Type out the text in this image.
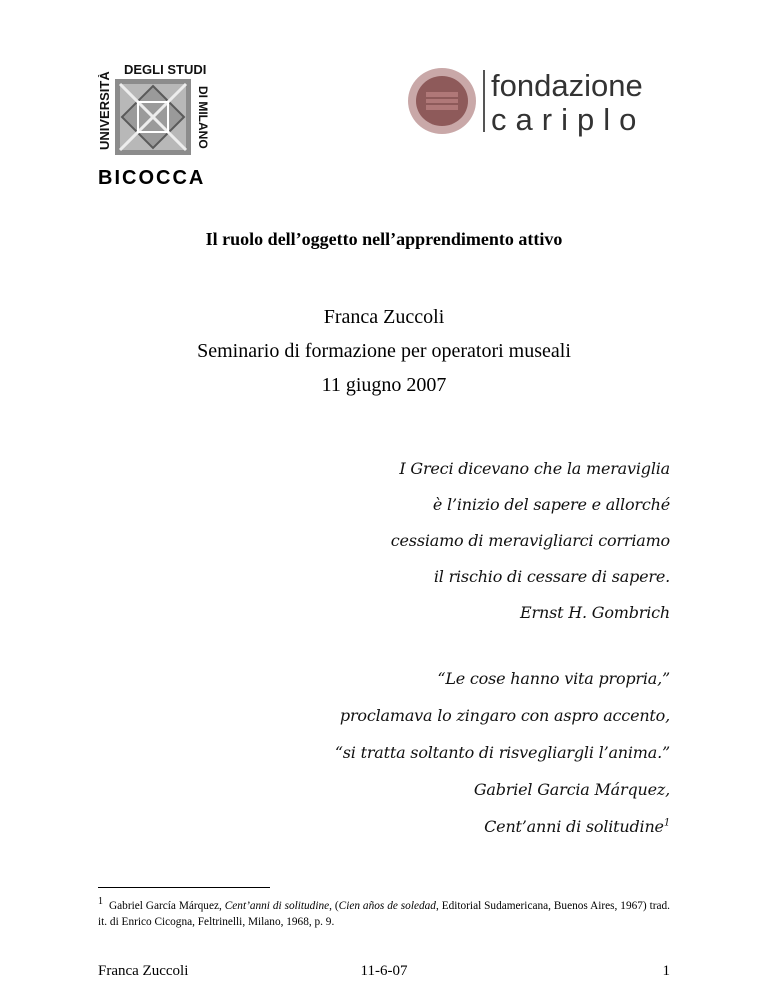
UNIVERSITÀ
DEGLI STUDI
DI MILANO
BICOCCA
fondazione
cariplo
Il ruolo dell’oggetto nell’apprendimento attivo
Franca Zuccoli
Seminario di formazione per operatori museali
11 giugno 2007
I Greci dicevano che la meraviglia
è l’inizio del sapere e allorché
cessiamo di meravigliarci corriamo
il rischio di cessare di sapere.
Ernst H. Gombrich
“Le cose hanno vita propria,”
proclamava lo zingaro con aspro accento,
“si tratta soltanto di risvegliargli l’anima.”
Gabriel Garcia Márquez,
Cent’anni di solitudine$^1$
1 Gabriel García Márquez, Cent’anni di solitudine, (Cien años de soledad, Editorial Sudamericana, Buenos Aires, 1967) trad. it. di Enrico Cicogna, Feltrinelli, Milano, 1968, p. 9.
Franca Zuccoli	11-6-07	1
